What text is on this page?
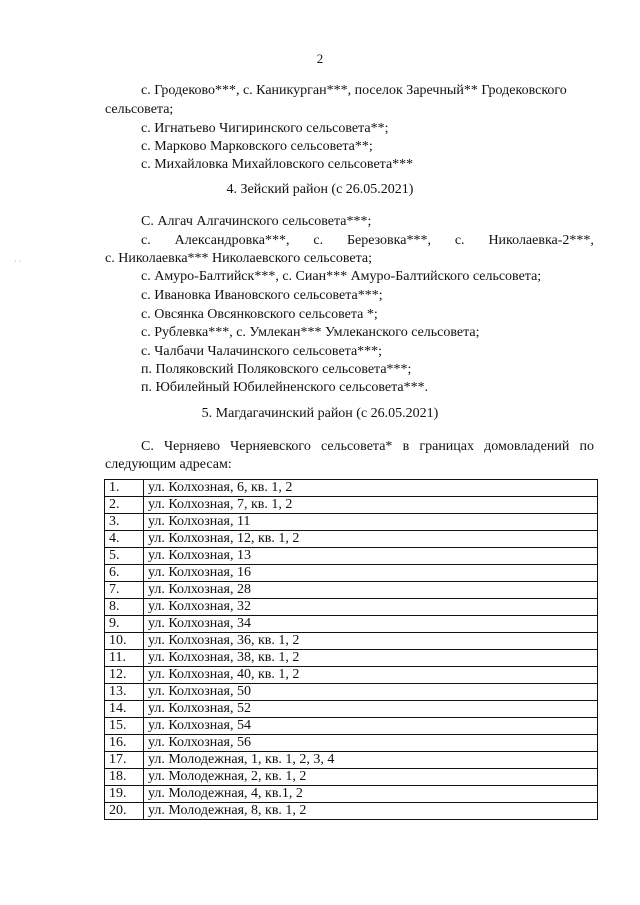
2
с. Гродеково***, с. Каникурган***, поселок Заречный** Гродековского
сельсовета;
с. Игнатьево Чигиринского сельсовета**;
с. Марково Марковского сельсовета**;
с. Михайловка Михайловского сельсовета***
4. Зейский район (с 26.05.2021)
С. Алгач Алгачинского сельсовета***;
с. Александровка***, с. Березовка***, с. Николаевка-2***,
с. Николаевка*** Николаевского сельсовета;
· ·
с. Амуро-Балтийск***, с. Сиан*** Амуро-Балтийского сельсовета;
с. Ивановка Ивановского сельсовета***;
с. Овсянка Овсянковского сельсовета *;
с. Рублевка***, с. Умлекан*** Умлеканского сельсовета;
с. Чалбачи Чалачинского сельсовета***;
п. Поляковский Поляковского сельсовета***;
п. Юбилейный Юбилейненского сельсовета***.
5. Магдагачинский район (с 26.05.2021)
С. Черняево Черняевского сельсовета* в границах домовладений по
следующим адресам:
1.	ул. Колхозная, 6, кв. 1, 2
2.	ул. Колхозная, 7, кв. 1, 2
3.	ул. Колхозная, 11
4.	ул. Колхозная, 12, кв. 1, 2
5.	ул. Колхозная, 13
6.	ул. Колхозная, 16
7.	ул. Колхозная, 28
8.	ул. Колхозная, 32
9.	ул. Колхозная, 34
10.	ул. Колхозная, 36, кв. 1, 2
11.	ул. Колхозная, 38, кв. 1, 2
12.	ул. Колхозная, 40, кв. 1, 2
13.	ул. Колхозная, 50
14.	ул. Колхозная, 52
15.	ул. Колхозная, 54
16.	ул. Колхозная, 56
17.	ул. Молодежная, 1, кв. 1, 2, 3, 4
18.	ул. Молодежная, 2, кв. 1, 2
19.	ул. Молодежная, 4, кв.1, 2
20.	ул. Молодежная, 8, кв. 1, 2
